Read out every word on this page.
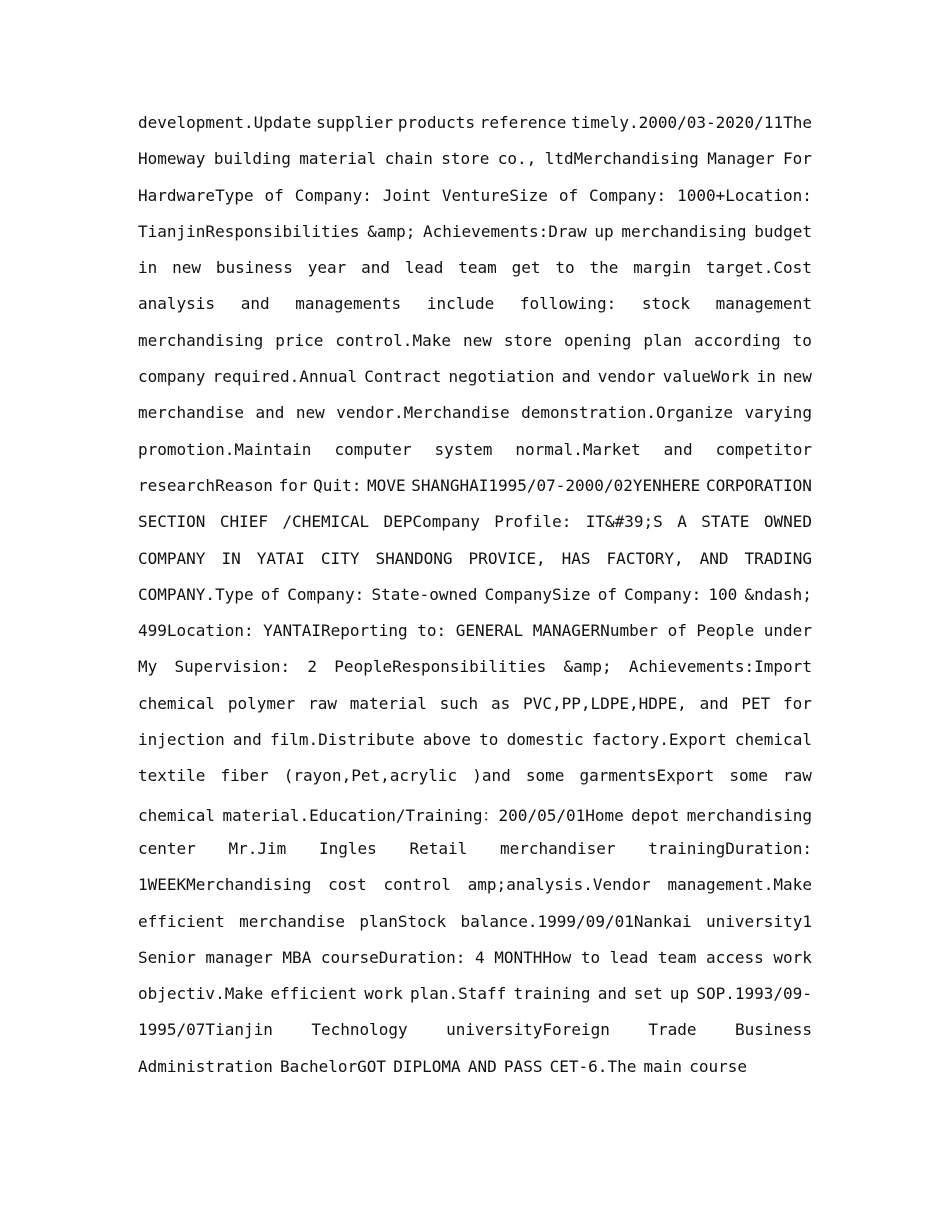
development.Update supplier products reference timely.2000/03-2020/11The
Homeway building material chain store co., ltdMerchandising Manager For
HardwareType of Company: Joint VentureSize of Company: 1000+Location:
TianjinResponsibilities &amp; Achievements:Draw up merchandising budget
in new business year and lead team get to the margin target.Cost
analysis and managements include following: stock management
merchandising price control.Make new store opening plan according to
company required.Annual Contract negotiation and vendor valueWork in new
merchandise and new vendor.Merchandise demonstration.Organize varying
promotion.Maintain computer system normal.Market and competitor
researchReason for Quit: MOVE SHANGHAI1995/07-2000/02YENHERE CORPORATION
SECTION CHIEF /CHEMICAL DEPCompany Profile: IT&#39;S A STATE OWNED
COMPANY IN YATAI CITY SHANDONG PROVICE, HAS FACTORY, AND TRADING
COMPANY.Type of Company: State-owned CompanySize of Company: 100 &ndash;
499Location: YANTAIReporting to: GENERAL MANAGERNumber of People under
My Supervision: 2 PeopleResponsibilities &amp; Achievements:Import
chemical polymer raw material such as PVC,PP,LDPE,HDPE, and PET for
injection and film.Distribute above to domestic factory.Export chemical
textile fiber (rayon,Pet,acrylic )and some garmentsExport some raw
chemical material.Education/Training：200/05/01Home depot merchandising
center Mr.Jim Ingles Retail merchandiser trainingDuration:
1WEEKMerchandising cost control amp;analysis.Vendor management.Make
efficient merchandise planStock balance.1999/09/01Nankai university1
Senior manager MBA courseDuration: 4 MONTHHow to lead team access work
objectiv.Make efficient work plan.Staff training and set up SOP.1993/09-
1995/07Tianjin Technology universityForeign Trade Business
Administration BachelorGOT DIPLOMA AND PASS CET-6.The main course
